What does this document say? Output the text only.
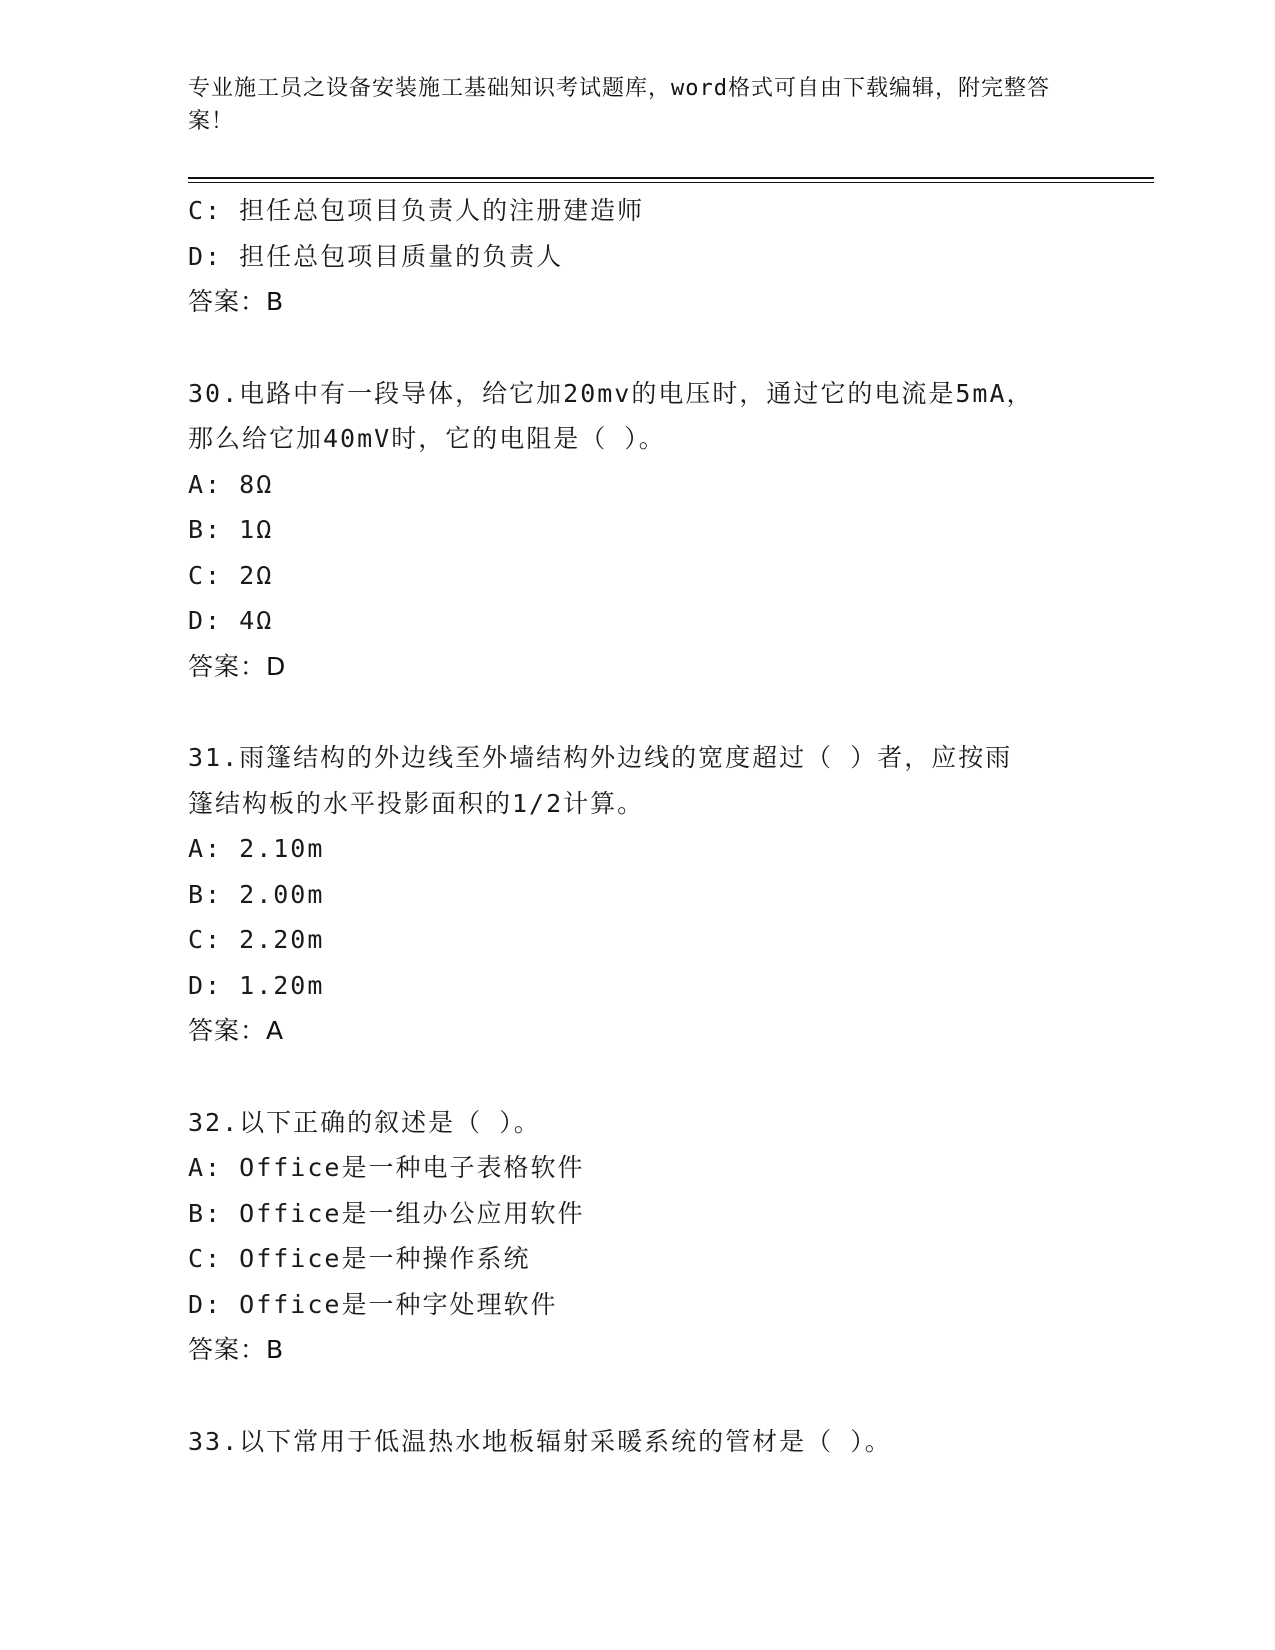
专业施工员之设备安装施工基础知识考试题库，word格式可自由下载编辑，附完整答案！
C: 担任总包项目负责人的注册建造师
D: 担任总包项目质量的负责人
答案：B
30.电路中有一段导体，给它加20mv的电压时，通过它的电流是5mA，
那么给它加40mV时，它的电阻是（ ）。
A: 8Ω
B: 1Ω
C: 2Ω
D: 4Ω
答案：D
31.雨篷结构的外边线至外墙结构外边线的宽度超过（ ）者，应按雨
篷结构板的水平投影面积的1/2计算。
A: 2.10m
B: 2.00m
C: 2.20m
D: 1.20m
答案：A
32.以下正确的叙述是（ ）。
A: Office是一种电子表格软件
B: Office是一组办公应用软件
C: Office是一种操作系统
D: Office是一种字处理软件
答案：B
33.以下常用于低温热水地板辐射采暖系统的管材是（ ）。
